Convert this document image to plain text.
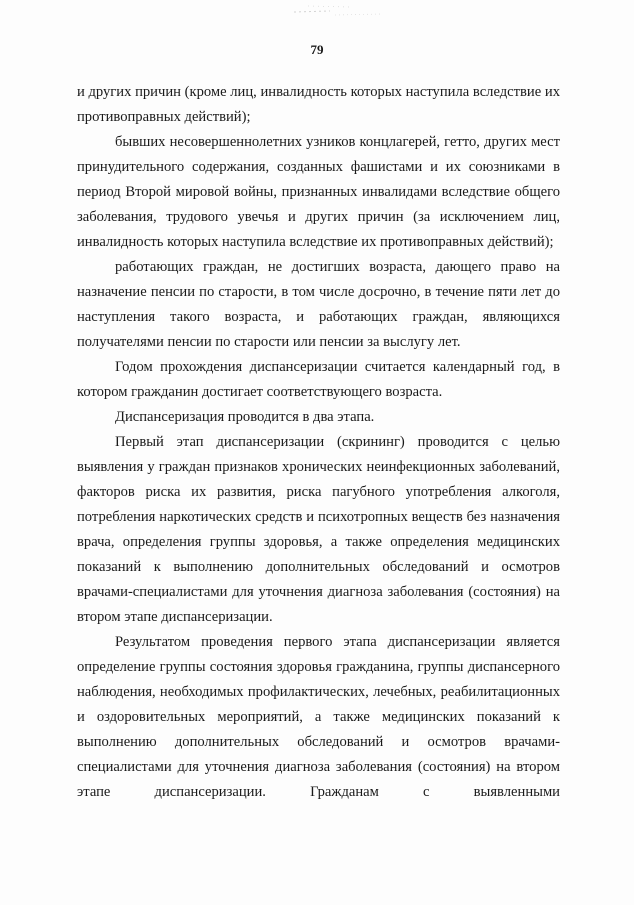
79

и других причин (кроме лиц, инвалидность которых наступила вследствие их противоправных действий);

бывших несовершеннолетних узников концлагерей, гетто, других мест принудительного содержания, созданных фашистами и их союзниками в период Второй мировой войны, признанных инвалидами вследствие общего заболевания, трудового увечья и других причин (за исключением лиц, инвалидность которых наступила вследствие их противоправных действий);

работающих граждан, не достигших возраста, дающего право на назначение пенсии по старости, в том числе досрочно, в течение пяти лет до наступления такого возраста, и работающих граждан, являющихся получателями пенсии по старости или пенсии за выслугу лет.

Годом прохождения диспансеризации считается календарный год, в котором гражданин достигает соответствующего возраста.

Диспансеризация проводится в два этапа.

Первый этап диспансеризации (скрининг) проводится с целью выявления у граждан признаков хронических неинфекционных заболеваний, факторов риска их развития, риска пагубного употребления алкоголя, потребления наркотических средств и психотропных веществ без назначения врача, определения группы здоровья, а также определения медицинских показаний к выполнению дополнительных обследований и осмотров врачами-специалистами для уточнения диагноза заболевания (состояния) на втором этапе диспансеризации.

Результатом проведения первого этапа диспансеризации является определение группы состояния здоровья гражданина, группы диспансерного наблюдения, необходимых профилактических, лечебных, реабилитационных и оздоровительных мероприятий, а также медицинских показаний к выполнению дополнительных обследований и осмотров врачами-специалистами для уточнения диагноза заболевания (состояния) на втором этапе диспансеризации. Гражданам с выявленными
